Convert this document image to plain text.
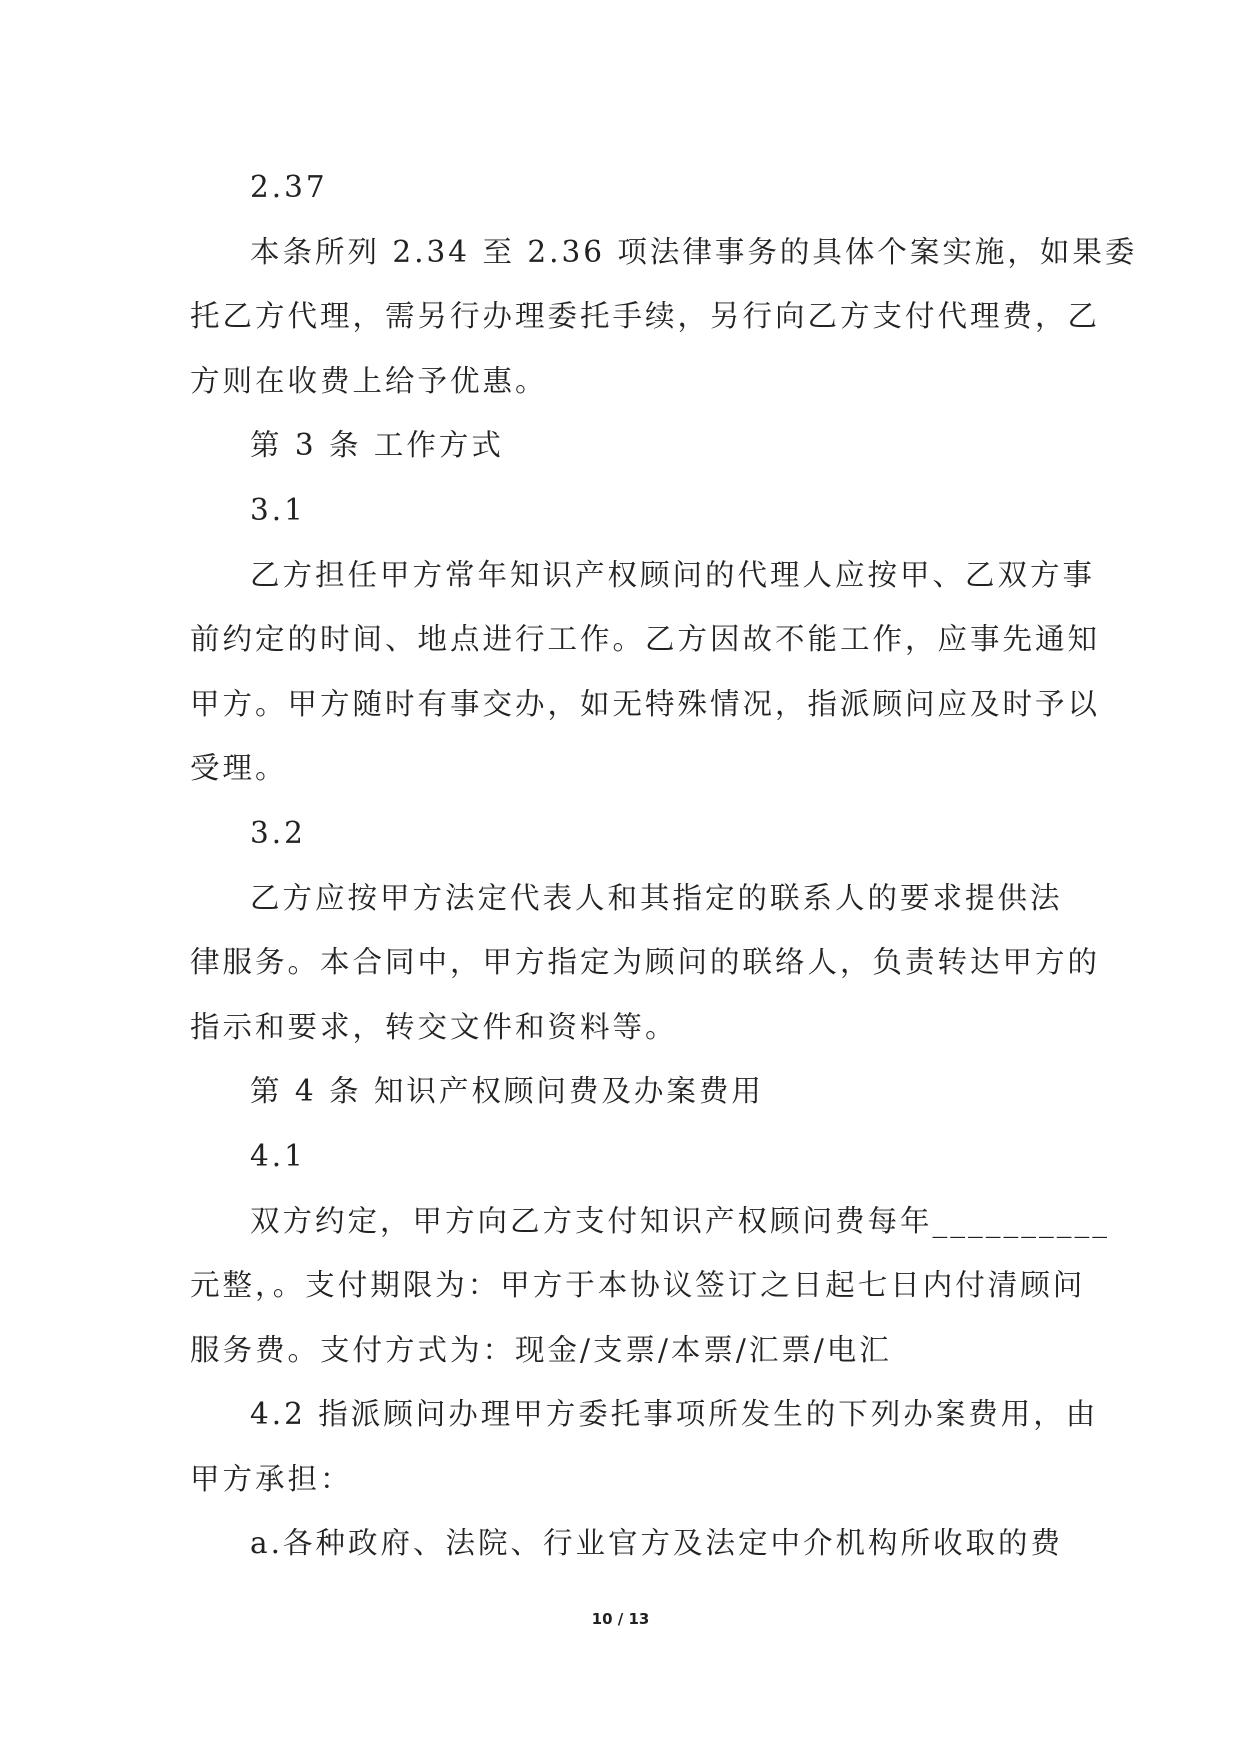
2.37
本条所列 2.34 至 2.36 项法律事务的具体个案实施，如果委
托乙方代理，需另行办理委托手续，另行向乙方支付代理费，乙
方则在收费上给予优惠。
第 3 条 工作方式
3.1
乙方担任甲方常年知识产权顾问的代理人应按甲、乙双方事
前约定的时间、地点进行工作。乙方因故不能工作，应事先通知
甲方。甲方随时有事交办，如无特殊情况，指派顾问应及时予以
受理。
3.2
乙方应按甲方法定代表人和其指定的联系人的要求提供法
律服务。本合同中，甲方指定为顾问的联络人，负责转达甲方的
指示和要求，转交文件和资料等。
第 4 条 知识产权顾问费及办案费用
4.1
双方约定，甲方向乙方支付知识产权顾问费每年__________
元整，。支付期限为：甲方于本协议签订之日起七日内付清顾问
服务费。支付方式为：现金/支票/本票/汇票/电汇
4.2 指派顾问办理甲方委托事项所发生的下列办案费用，由
甲方承担：
a.各种政府、法院、行业官方及法定中介机构所收取的费
10 / 13
